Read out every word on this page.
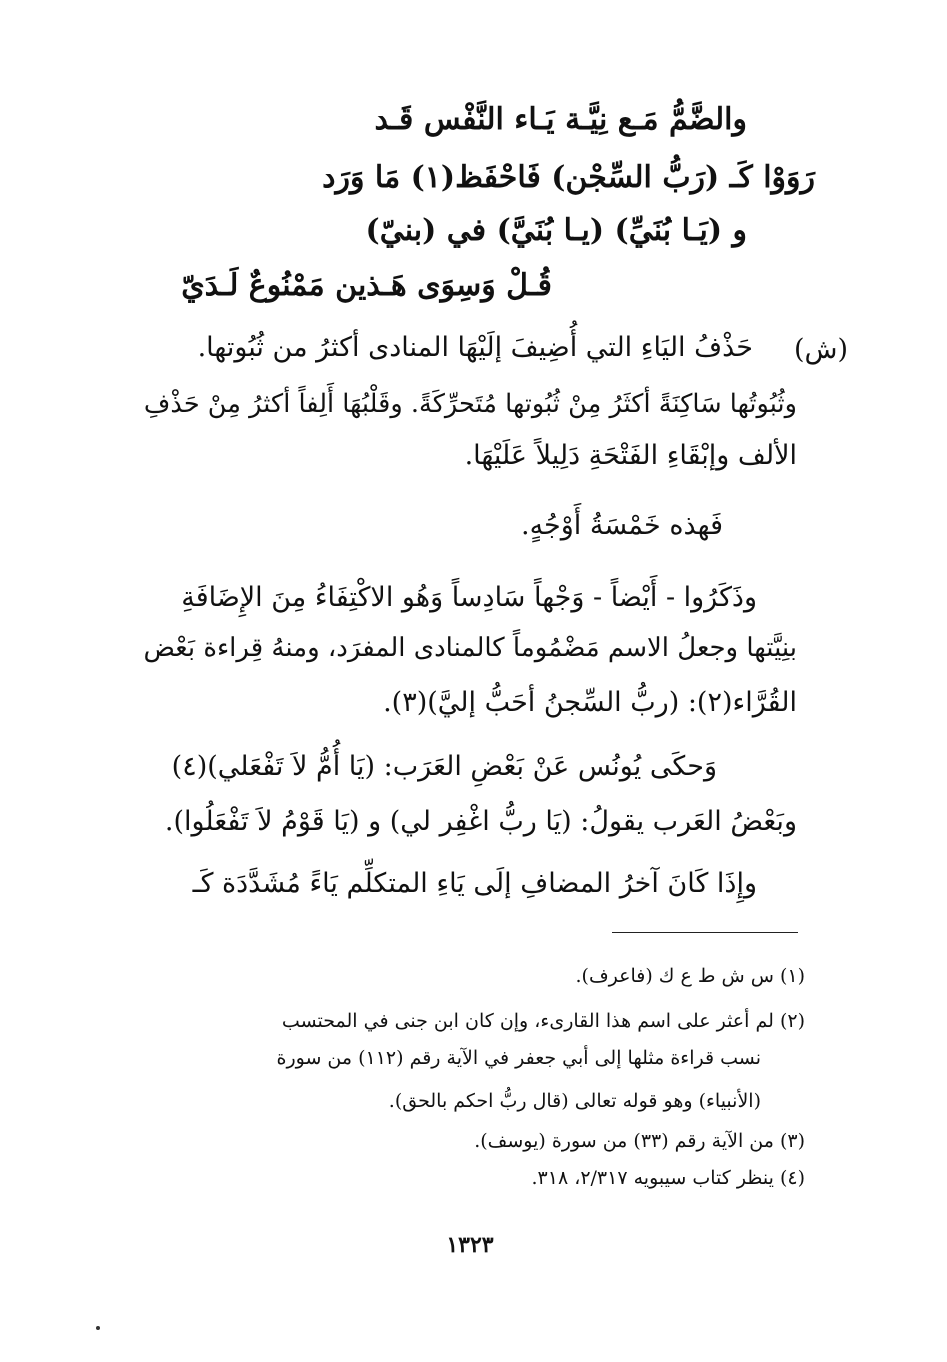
والضَّمُّ مَـع نِيَّـة يَـاء النَّفْس قَـد
رَوَوْا كَـ (رَبُّ السِّجْن) فَاحْفَظ(١) مَا وَرَد
و (يَـا بُنَيِّ) (يـا بُنَيَّ) في (بنيّ)
قُـلْ وَسِوَى هَـذين مَمْنُوعٌ لَـدَيّ
(ش)
حَذْفُ اليَاءِ التي أُضِيفَ إلَيْهَا المنادى أكثرُ من ثُبُوتها.
وثُبُوتُها سَاكِنَةً أكثَرُ مِنْ ثُبُوتها مُتَحرِّكَةً. وقَلْبُهَا أَلِفاً أكثرُ مِنْ حَذْفِ
الألف وإبْقَاءِ الفَتْحَةِ دَلِيلاً عَلَيْهَا.
فَهذه خَمْسَةُ أَوْجُهٍ.
وذَكَرُوا - أَيْضاً - وَجْهاً سَادِساً وَهُو الاكْتِفَاءُ مِنَ الإِضَافَةِ
بنِيَّتها وجعلُ الاسم مَضْمُوماً كالمنادى المفرَد، ومنهُ قِراءة بَعْض
القُرَّاء(٢): (ربُّ السِّجنُ أحَبُّ إليَّ)(٣).
وَحكَى يُونُس عَنْ بَعْضِ العَرَب: (يَا أُمُّ لاَ تَفْعَلي)(٤)
وبَعْضُ العَرب يقولُ: (يَا ربُّ اغْفِر لي) و (يَا قَوْمُ لاَ تَفْعَلُوا).
وإِذَا كَانَ آخرُ المضافِ إلَى يَاءِ المتكلِّم يَاءً مُشَدَّدَة كَـ
(١) س ش ط ع ك (فاعرف).
(٢) لم أعثر على اسم هذا القارىء، وإن كان ابن جنى في المحتسب
نسب قراءة مثلها إلى أبي جعفر في الآية رقم (١١٢) من سورة
(الأنبياء) وهو قوله تعالى (قال ربُّ احكم بالحق).
(٣) من الآية رقم (٣٣) من سورة (يوسف).
(٤) ينظر كتاب سيبويه ٢/٣١٧، ٣١٨.
١٣٢٣
